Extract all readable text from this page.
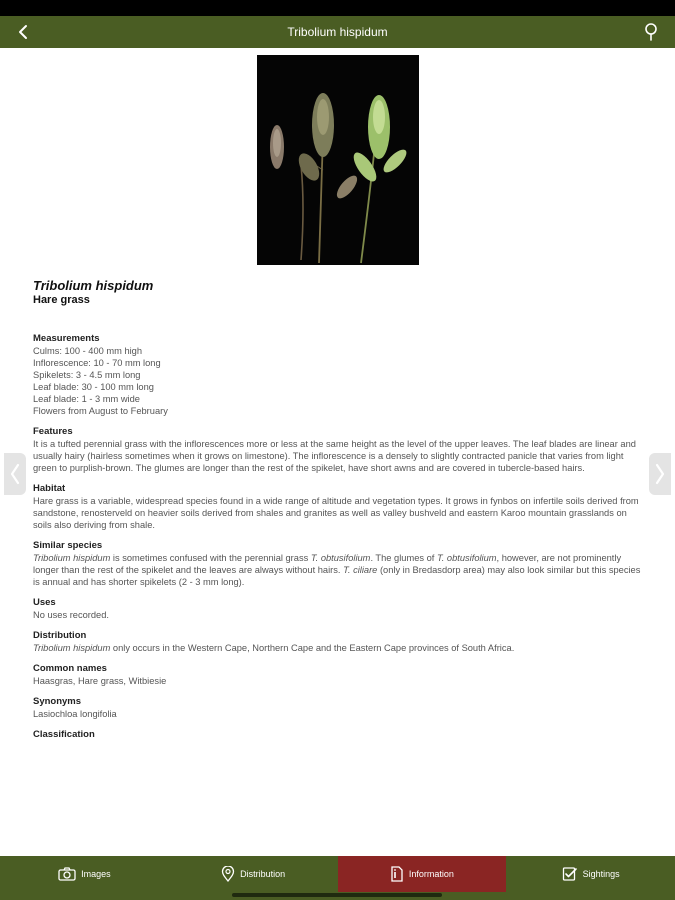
Tribolium hispidum
Tribolium hispidum
Hare grass
Measurements
Culms: 100 - 400 mm high
Inflorescence: 10 - 70 mm long
Spikelets: 3 - 4.5 mm long
Leaf blade: 30 - 100 mm long
Leaf blade: 1 - 3 mm wide
Flowers from August to February
Features
It is a tufted perennial grass with the inflorescences more or less at the same height as the level of the upper leaves. The leaf blades are linear and usually hairy (hairless sometimes when it grows on limestone). The inflorescence is a densely to slightly contracted panicle that varies from light green to purplish-brown. The glumes are longer than the rest of the spikelet, have short awns and are covered in tubercle-based hairs.
Habitat
Hare grass is a variable, widespread species found in a wide range of altitude and vegetation types. It grows in fynbos on infertile soils derived from sandstone, renosterveld on heavier soils derived from shales and granites as well as valley bushveld and eastern Karoo mountain grasslands on soils also deriving from shale.
Similar species
Tribolium hispidum is sometimes confused with the perennial grass T. obtusifolium. The glumes of T. obtusifolium, however, are not prominently longer than the rest of the spikelet and the leaves are always without hairs. T. ciliare (only in Bredasdorp area) may also look similar but this species is annual and has shorter spikelets (2 - 3 mm long).
Uses
No uses recorded.
Distribution
Tribolium hispidum only occurs in the Western Cape, Northern Cape and the Eastern Cape provinces of South Africa.
Common names
Haasgras, Hare grass, Witbiesie
Synonyms
Lasiochloa longifolia
Classification
Images	Distribution	Information	Sightings
